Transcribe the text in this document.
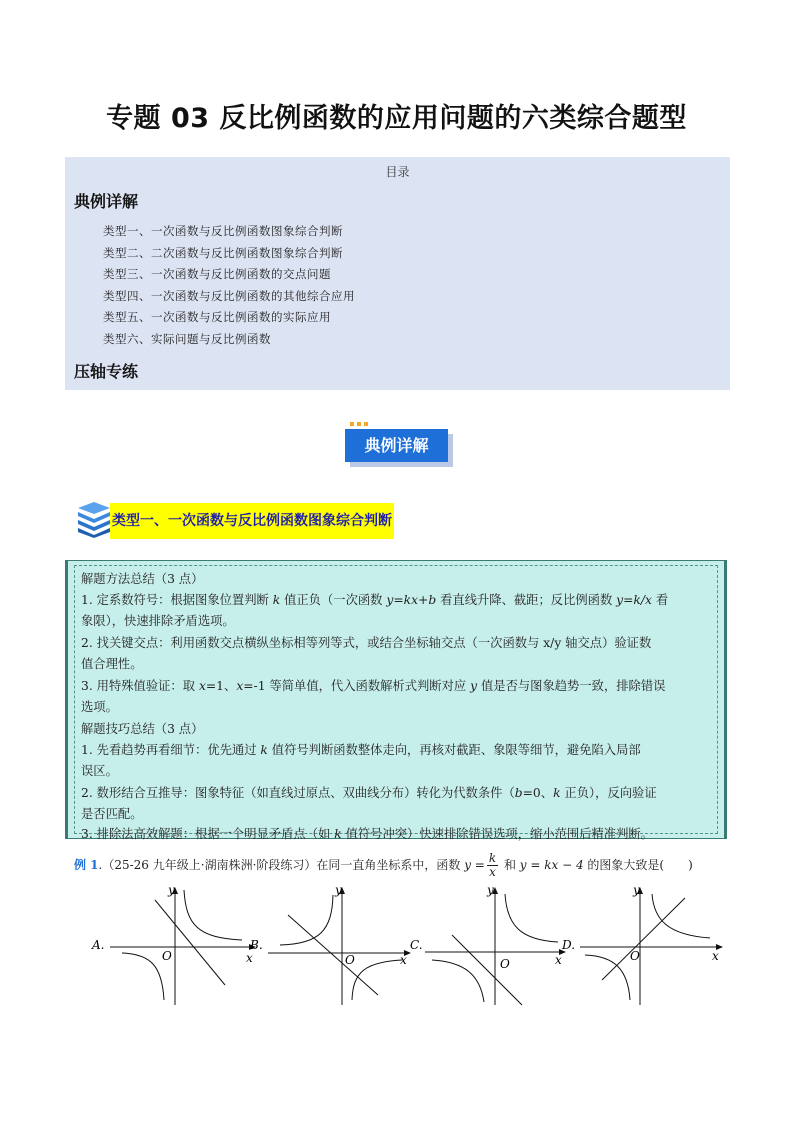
专题 03 反比例函数的应用问题的六类综合题型
目录
典例详解
类型一、一次函数与反比例函数图象综合判断
类型二、二次函数与反比例函数图象综合判断
类型三、一次函数与反比例函数的交点问题
类型四、一次函数与反比例函数的其他综合应用
类型五、一次函数与反比例函数的实际应用
类型六、实际问题与反比例函数
压轴专练
典例详解
类型一、一次函数与反比例函数图象综合判断
解题方法总结（3 点）
1. 定系数符号：根据图象位置判断 k 值正负（一次函数 y=kx+b 看直线升降、截距；反比例函数 y=k/x 看
象限），快速排除矛盾选项。
2. 找关键交点：利用函数交点横纵坐标相等列等式，或结合坐标轴交点（一次函数与 x/y 轴交点）验证数
值合理性。
3. 用特殊值验证：取 x=1、x=-1 等简单值，代入函数解析式判断对应 y 值是否与图象趋势一致，排除错误
选项。
解题技巧总结（3 点）
1. 先看趋势再看细节：优先通过 k 值符号判断函数整体走向，再核对截距、象限等细节，避免陷入局部
误区。
2. 数形结合互推导：图象特征（如直线过原点、双曲线分布）转化为代数条件（b=0、k 正负），反向验证
是否匹配。
3. 排除法高效解题：根据一个明显矛盾点（如 k 值符号冲突）快速排除错误选项，缩小范围后精准判断。
例 1.（25-26 九年级上·湖南株洲·阶段练习）在同一直角坐标系中，函数 $y = \frac{k}{x}$ 和 y = kx − 4 的图象大致是(　　)
A.
y
x
O
B.
y
x
O
C.
y
x
O
D.
y
x
O
